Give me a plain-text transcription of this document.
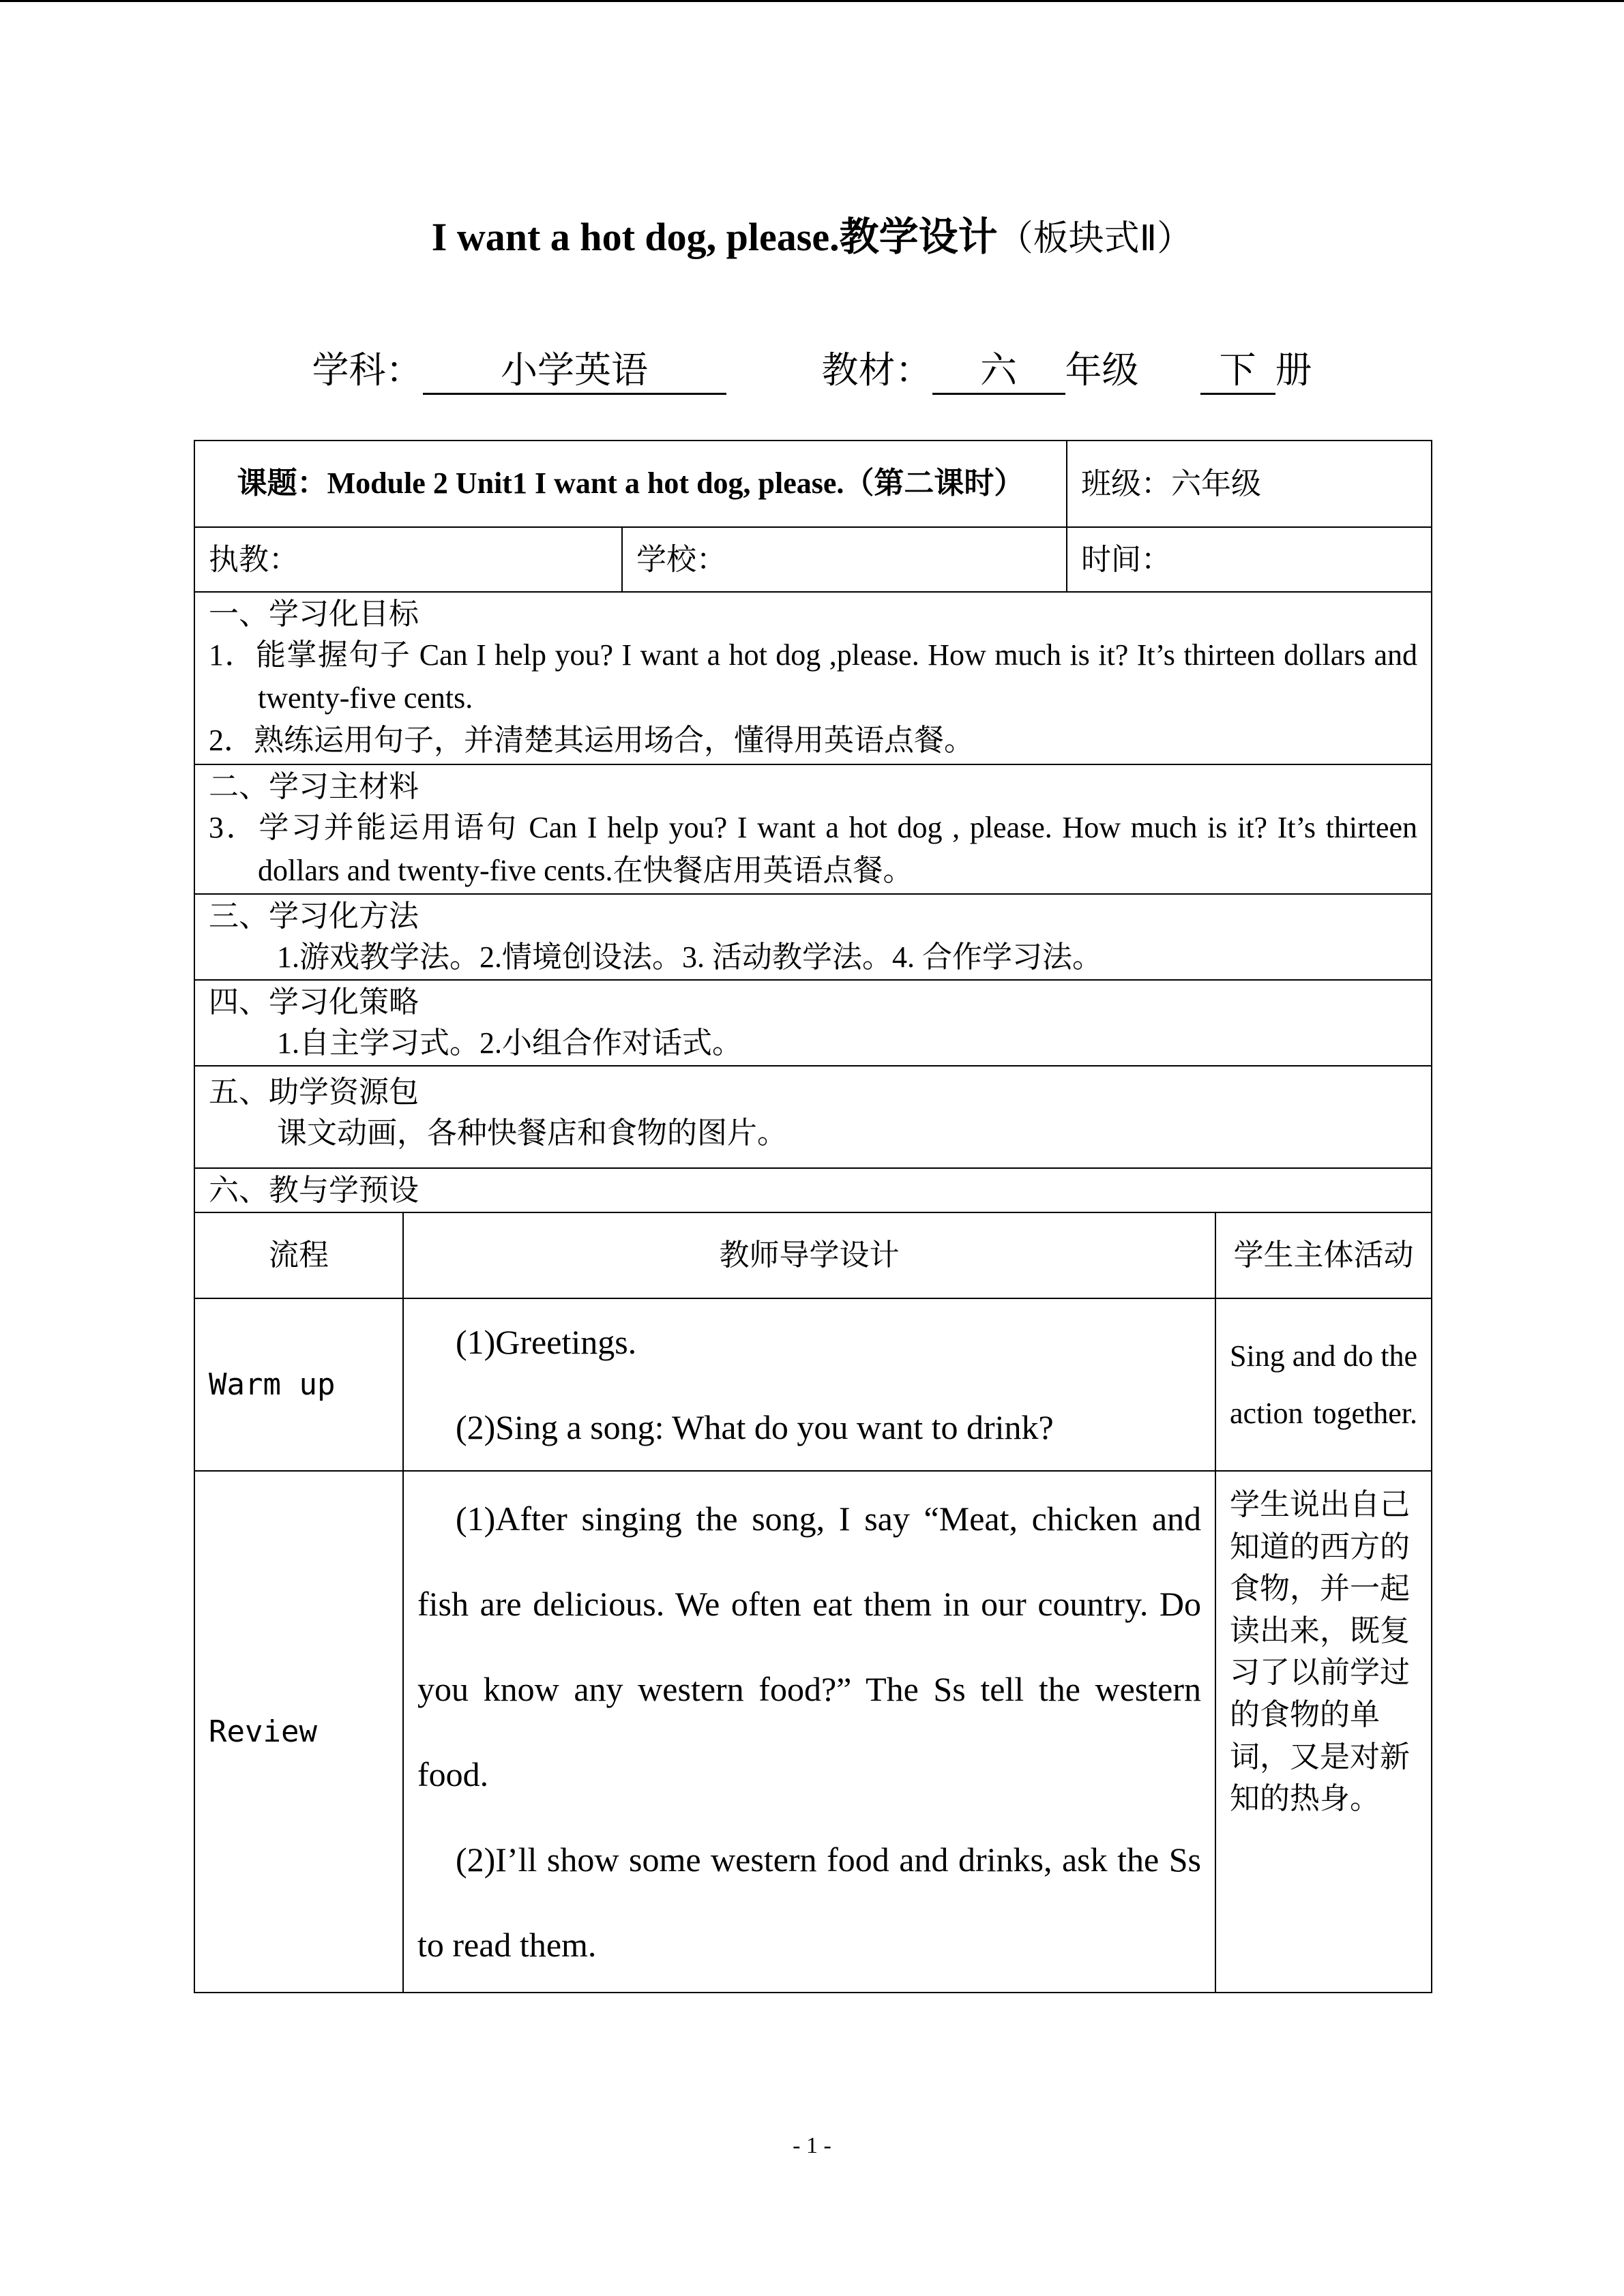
I want a hot dog, please.教学设计（板块式Ⅱ）
学科： 小学英语	教材： 六 年级 下 册
课题：Module 2 Unit1 I want a hot dog, please.（第二课时）			班级：六年级	
执教：		学校：	时间：	

一、学习化目标
1．能掌握句子 Can I help you? I want a hot dog ,please. How much is it? It’s thirteen dollars and twenty-five cents.
2．熟练运用句子，并清楚其运用场合，懂得用英语点餐。				

二、学习主材料
3．学习并能运用语句 Can I help you? I want a hot dog , please. How much is it? It’s thirteen dollars and twenty-five cents.在快餐店用英语点餐。				

三、学习化方法
1.游戏教学法。2.情境创设法。3. 活动教学法。4. 合作学习法。				

四、学习化策略
1.自主学习式。2.小组合作对话式。				

五、助学资源包
课文动画，各种快餐店和食物的图片。				

六、教与学预设				

流程	教师导学设计			学生主体活动
Warm up	(1)Greetings.

(2)Sing a song: What do you want to drink?			Sing and do the action together.
Review	(1)After singing the song, I say “Meat, chicken and fish are delicious. We often eat them in our country. Do you know any western food?” The Ss tell the western food.

(2)I’ll show some western food and drinks, ask the Ss to read them.			学生说出自己知道的西方的食物，并一起读出来，既复习了以前学过的食物的单词，又是对新知的热身。
- 1 -
